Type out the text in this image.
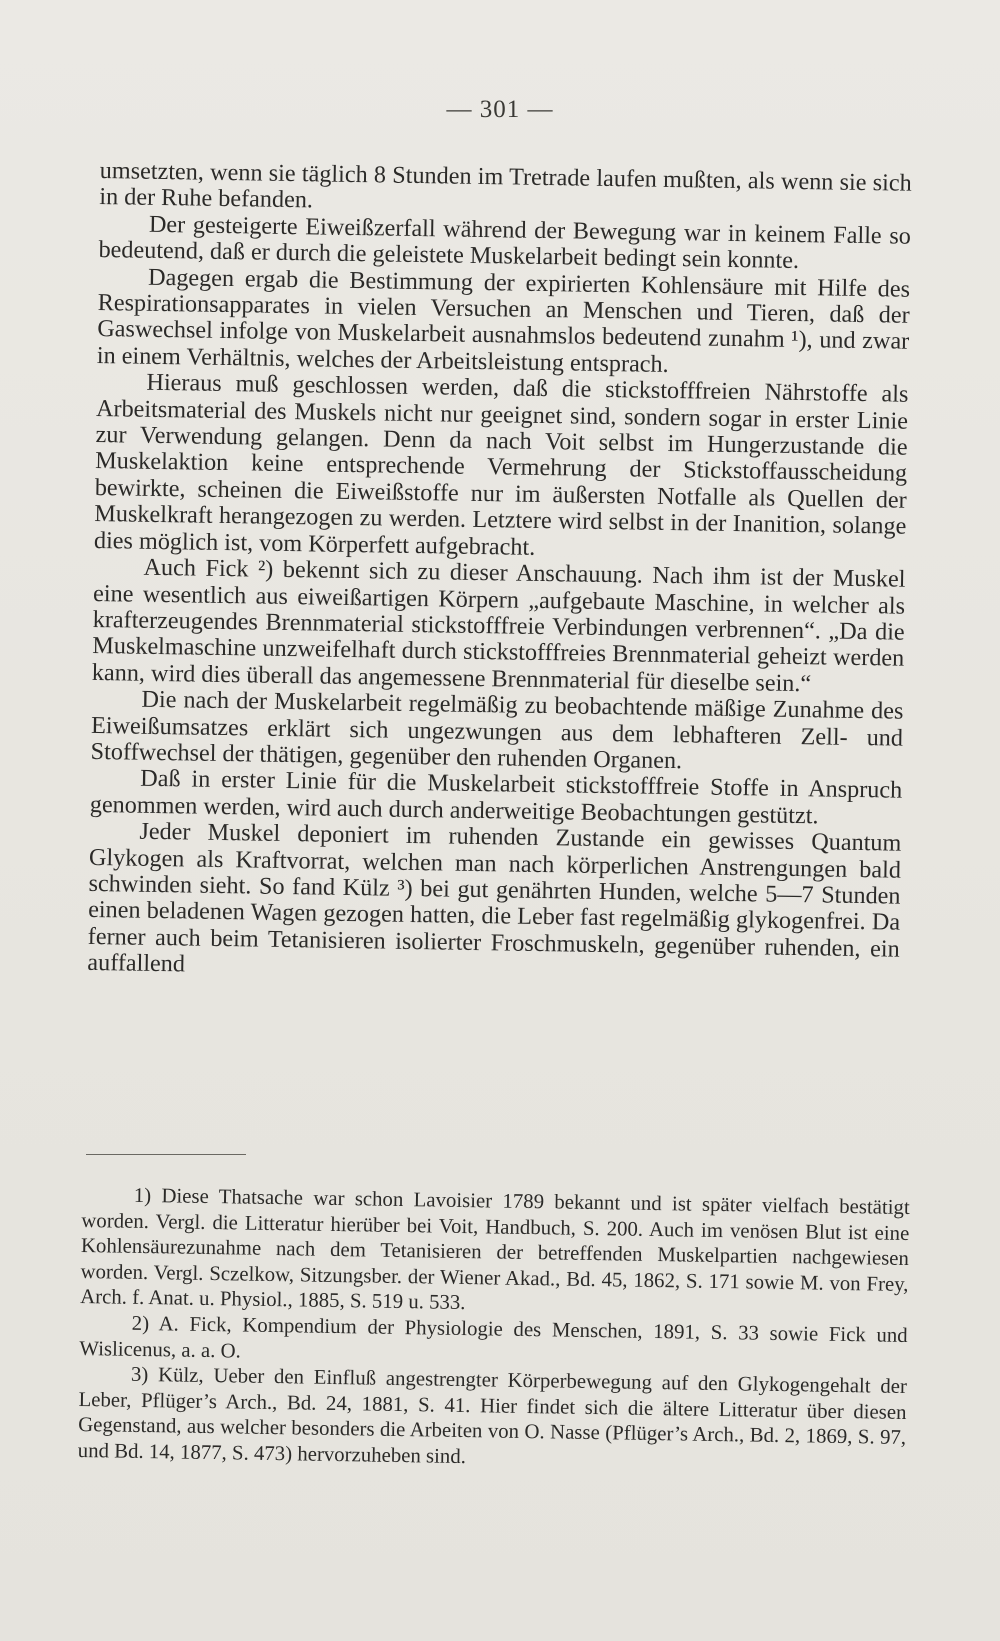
— 301 —

umsetzten, wenn sie täglich 8 Stunden im Tretrade laufen mußten, als wenn sie sich in der Ruhe befanden.

Der gesteigerte Eiweißzerfall während der Bewegung war in keinem Falle so bedeutend, daß er durch die geleistete Muskelarbeit bedingt sein konnte.

Dagegen ergab die Bestimmung der expirierten Kohlensäure mit Hilfe des Respirationsapparates in vielen Versuchen an Menschen und Tieren, daß der Gaswechsel infolge von Muskelarbeit ausnahmslos bedeutend zunahm ¹), und zwar in einem Verhältnis, welches der Arbeitsleistung entsprach.

Hieraus muß geschlossen werden, daß die stickstofffreien Nährstoffe als Arbeitsmaterial des Muskels nicht nur geeignet sind, sondern sogar in erster Linie zur Verwendung gelangen. Denn da nach Voit selbst im Hungerzustande die Muskelaktion keine entsprechende Vermehrung der Stickstoffausscheidung bewirkte, scheinen die Eiweißstoffe nur im äußersten Notfalle als Quellen der Muskelkraft herangezogen zu werden. Letztere wird selbst in der Inanition, solange dies möglich ist, vom Körperfett aufgebracht.

Auch Fick ²) bekennt sich zu dieser Anschauung. Nach ihm ist der Muskel eine wesentlich aus eiweißartigen Körpern „aufgebaute Maschine, in welcher als krafterzeugendes Brennmaterial stickstofffreie Verbindungen verbrennen“. „Da die Muskelmaschine unzweifelhaft durch stickstofffreies Brennmaterial geheizt werden kann, wird dies überall das angemessene Brennmaterial für dieselbe sein.“

Die nach der Muskelarbeit regelmäßig zu beobachtende mäßige Zunahme des Eiweißumsatzes erklärt sich ungezwungen aus dem lebhafteren Zell- und Stoffwechsel der thätigen, gegenüber den ruhenden Organen.

Daß in erster Linie für die Muskelarbeit stickstofffreie Stoffe in Anspruch genommen werden, wird auch durch anderweitige Beobachtungen gestützt.

Jeder Muskel deponiert im ruhenden Zustande ein gewisses Quantum Glykogen als Kraftvorrat, welchen man nach körperlichen Anstrengungen bald schwinden sieht. So fand Külz ³) bei gut genährten Hunden, welche 5—7 Stunden einen beladenen Wagen gezogen hatten, die Leber fast regelmäßig glykogenfrei. Da ferner auch beim Tetanisieren isolierter Froschmuskeln, gegenüber ruhenden, ein auffallend

1) Diese Thatsache war schon Lavoisier 1789 bekannt und ist später vielfach bestätigt worden. Vergl. die Litteratur hierüber bei Voit, Handbuch, S. 200. Auch im venösen Blut ist eine Kohlensäurezunahme nach dem Tetanisieren der betreffenden Muskelpartien nachgewiesen worden. Vergl. Sczelkow, Sitzungsber. der Wiener Akad., Bd. 45, 1862, S. 171 sowie M. von Frey, Arch. f. Anat. u. Physiol., 1885, S. 519 u. 533.

2) A. Fick, Kompendium der Physiologie des Menschen, 1891, S. 33 sowie Fick und Wislicenus, a. a. O.

3) Külz, Ueber den Einfluß angestrengter Körperbewegung auf den Glykogengehalt der Leber, Pflüger’s Arch., Bd. 24, 1881, S. 41. Hier findet sich die ältere Litteratur über diesen Gegenstand, aus welcher besonders die Arbeiten von O. Nasse (Pflüger’s Arch., Bd. 2, 1869, S. 97, und Bd. 14, 1877, S. 473) hervorzuheben sind.
